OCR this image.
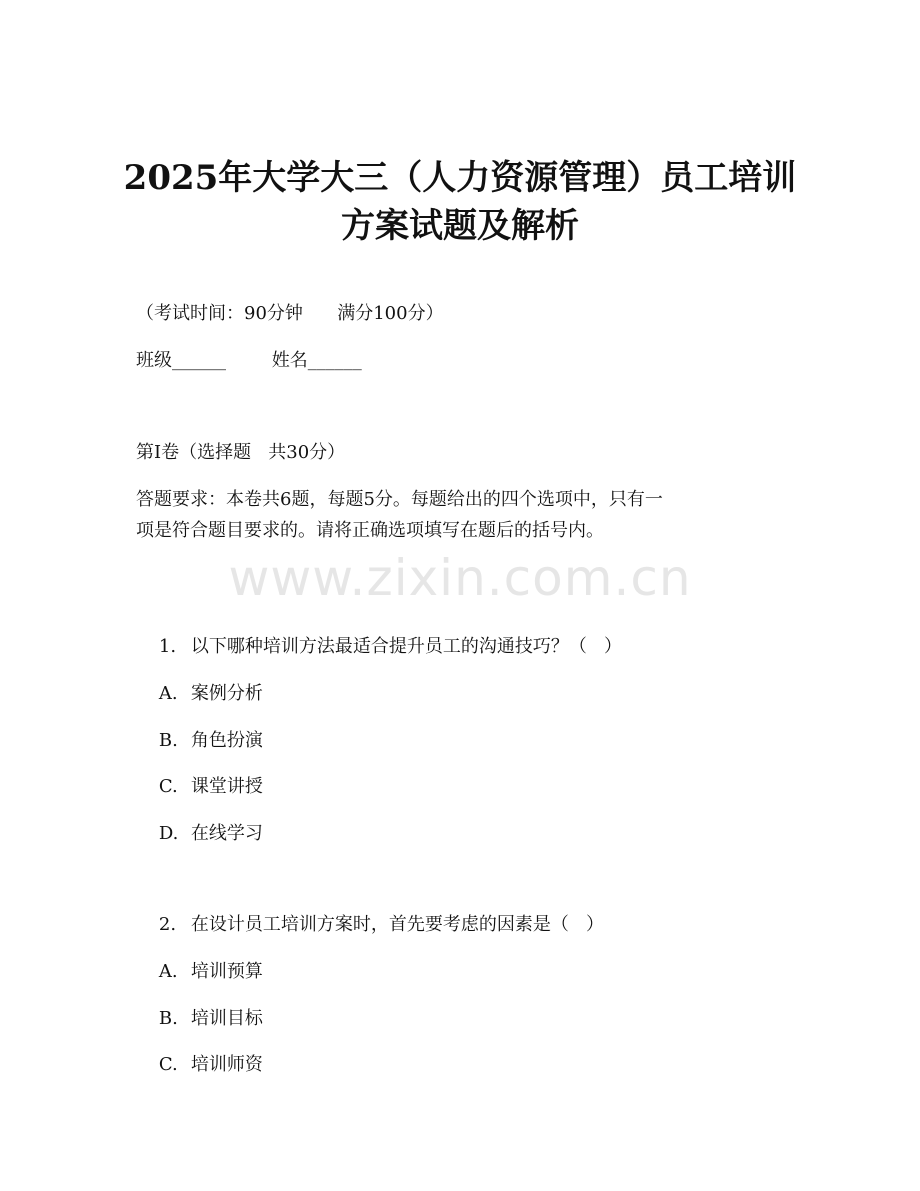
2025年大学大三（人力资源管理）员工培训
方案试题及解析
（考试时间：90分钟      满分100分）
班级______        姓名______
第I卷（选择题   共30分）
答题要求：本卷共6题，每题5分。每题给出的四个选项中，只有一
项是符合题目要求的。请将正确选项填写在题后的括号内。
www.zixin.com.cn

1. 以下哪种培训方法最适合提升员工的沟通技巧？（   ）

A. 案例分析

B. 角色扮演

C. 课堂讲授

D. 在线学习

2. 在设计员工培训方案时，首先要考虑的因素是（   ）

A. 培训预算

B. 培训目标

C. 培训师资
